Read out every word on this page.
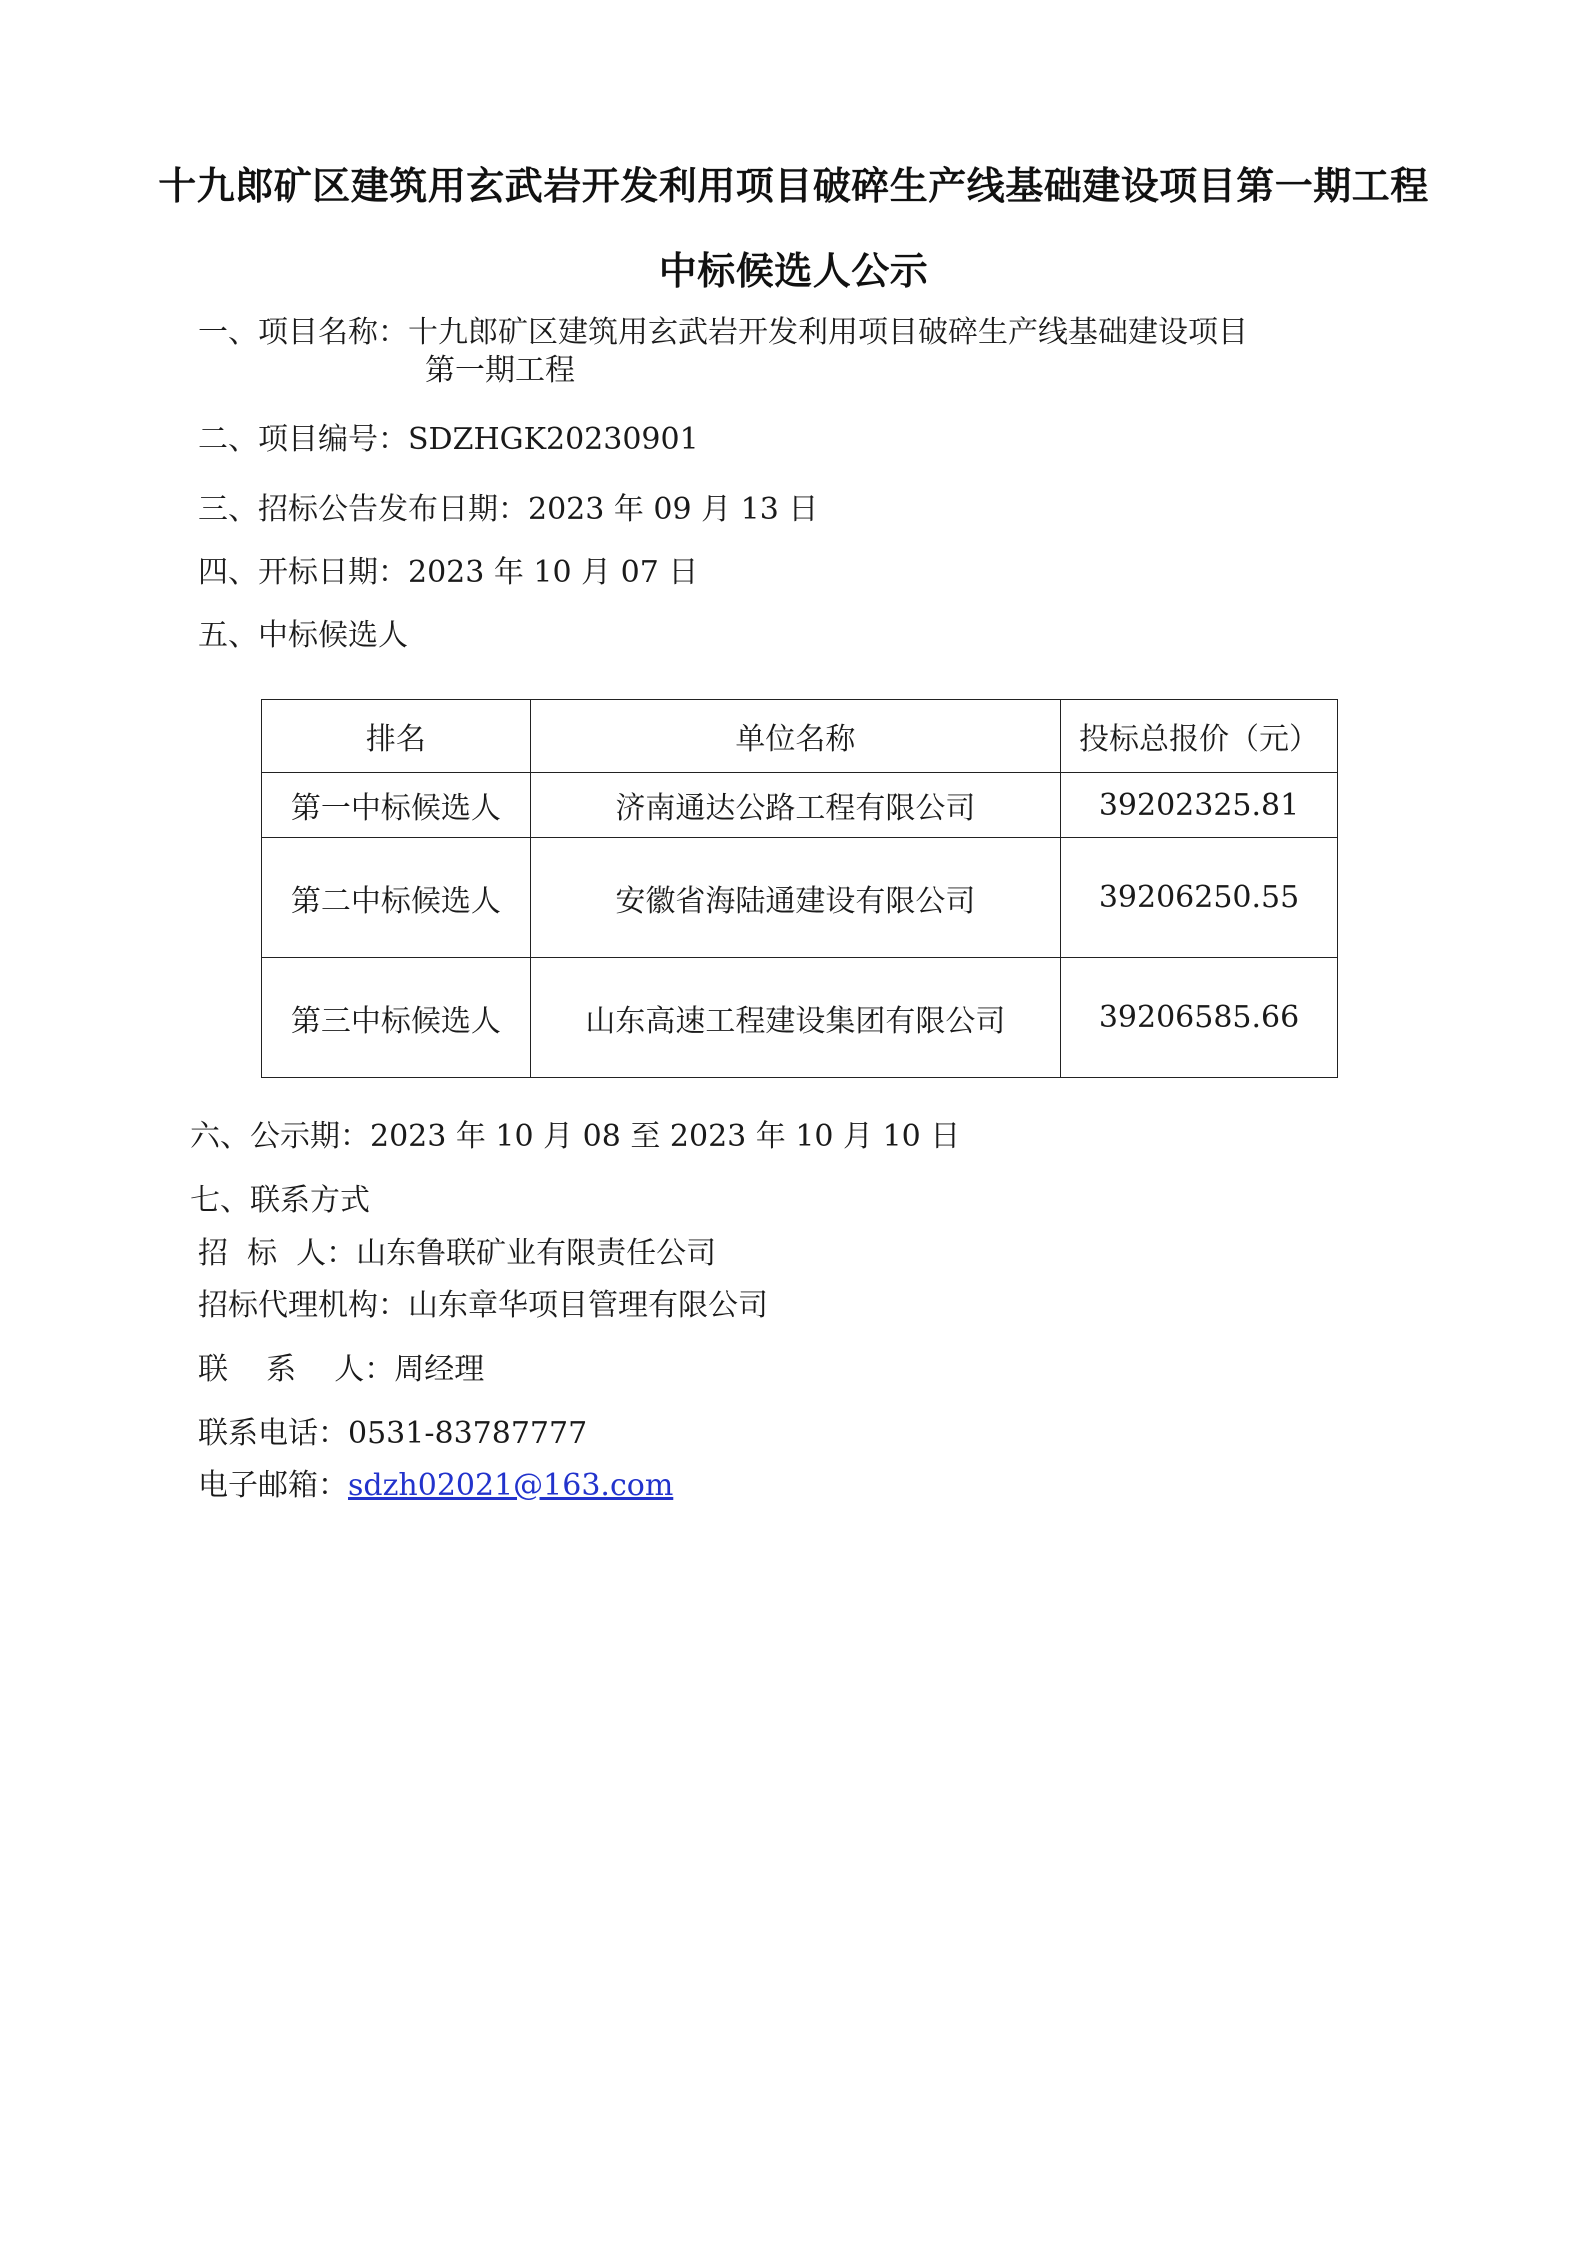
十九郎矿区建筑用玄武岩开发利用项目破碎生产线基础建设项目第一期工程
中标候选人公示
一、项目名称：十九郎矿区建筑用玄武岩开发利用项目破碎生产线基础建设项目
第一期工程
二、项目编号：SDZHGK20230901
三、招标公告发布日期：2023 年 09 月 13 日
四、开标日期：2023 年 10 月 07 日
五、中标候选人
排名	单位名称	投标总报价（元）
第一中标候选人	济南通达公路工程有限公司	39202325.81
第二中标候选人	安徽省海陆通建设有限公司	39206250.55
第三中标候选人	山东高速工程建设集团有限公司	39206585.66
六、公示期：2023 年 10 月 08 至 2023 年 10 月 10 日
七、联系方式
招  标  人：山东鲁联矿业有限责任公司
招标代理机构：山东章华项目管理有限公司
联    系    人：周经理
联系电话：0531-83787777
电子邮箱：sdzh02021@163.com
